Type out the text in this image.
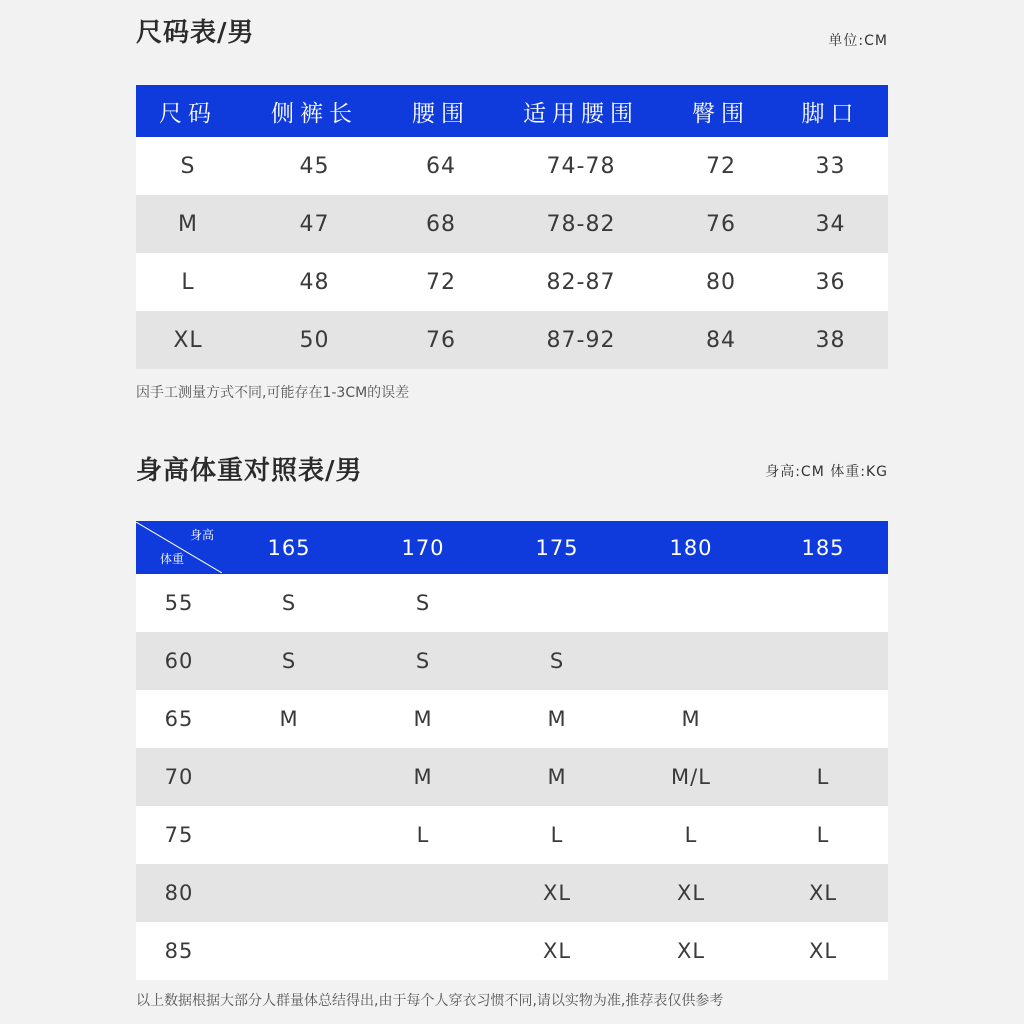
尺码表/男	单位:CM
尺码	侧裤长	腰围	适用腰围	臀围	脚口
S	45	64	74-78	72	33
M	47	68	78-82	76	34
L	48	72	82-87	80	36
XL	50	76	87-92	84	38
因手工测量方式不同,可能存在1-3CM的误差
身高体重对照表/男	身高:CM 体重:KG
身高
体重	165	170	175	180	185
55	S	S			
60	S	S	S		
65	M	M	M	M	
70		M	M	M/L	L
75		L	L	L	L
80			XL	XL	XL
85			XL	XL	XL
以上数据根据大部分人群量体总结得出,由于每个人穿衣习惯不同,请以实物为准,推荐表仅供参考
